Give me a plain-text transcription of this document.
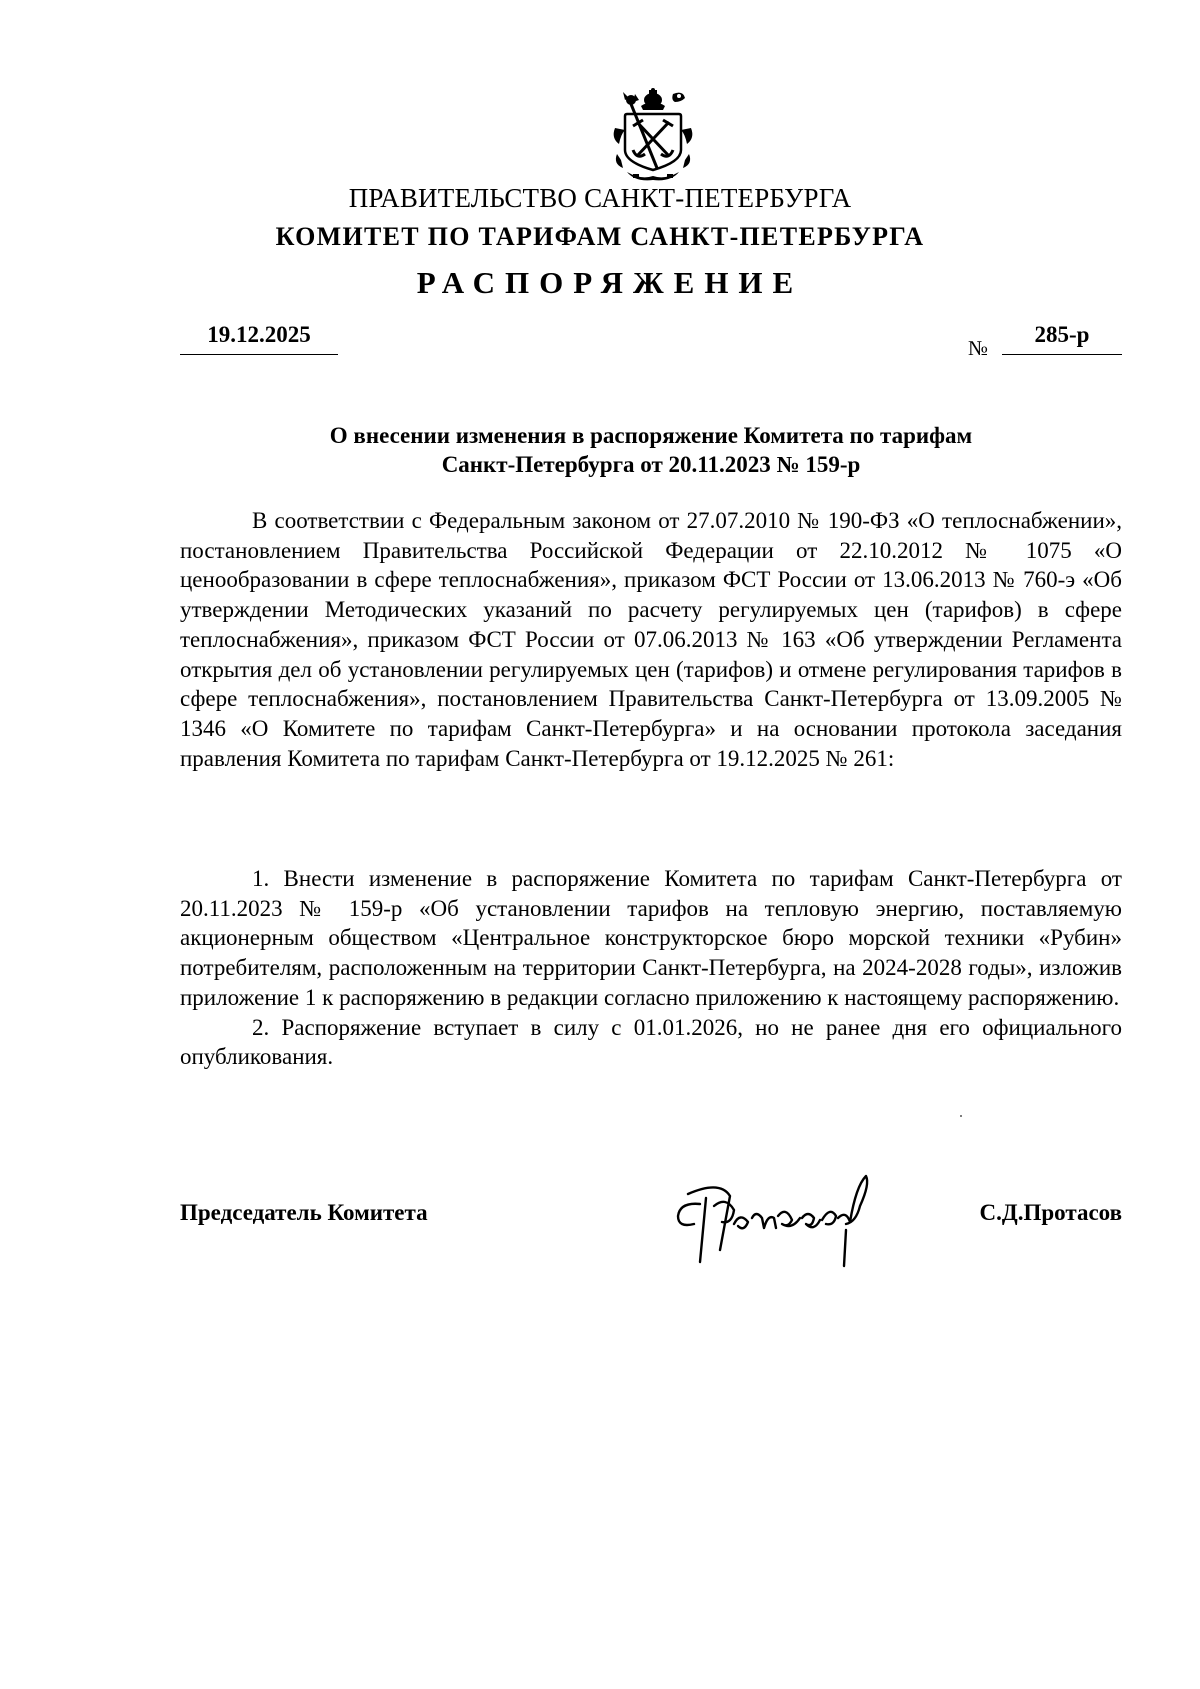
ПРАВИТЕЛЬСТВО САНКТ-ПЕТЕРБУРГА
КОМИТЕТ ПО ТАРИФАМ САНКТ-ПЕТЕРБУРГА
РАСПОРЯЖЕНИЕ
19.12.2025
№
285-р
О внесении изменения в распоряжение Комитета по тарифам
Санкт-Петербурга от 20.11.2023 № 159-р

В соответствии с Федеральным законом от 27.07.2010 № 190-ФЗ «О теплоснабжении», постановлением Правительства Российской Федерации от 22.10.2012 № 1075 «О ценообразовании в сфере теплоснабжения», приказом ФСТ России от 13.06.2013 № 760-э «Об утверждении Методических указаний по расчету регулируемых цен (тарифов) в сфере теплоснабжения», приказом ФСТ России от 07.06.2013 № 163 «Об утверждении Регламента открытия дел об установлении регулируемых цен (тарифов) и отмене регулирования тарифов в сфере теплоснабжения», постановлением Правительства Санкт-Петербурга от 13.09.2005 № 1346 «О Комитете по тарифам Санкт-Петербурга» и на основании протокола заседания правления Комитета по тарифам Санкт-Петербурга от 19.12.2025 № 261:

1. Внести изменение в распоряжение Комитета по тарифам Санкт-Петербурга от 20.11.2023 № 159-р «Об установлении тарифов на тепловую энергию, поставляемую акционерным обществом «Центральное конструкторское бюро морской техники «Рубин» потребителям, расположенным на территории Санкт-Петербурга, на 2024-2028 годы», изложив приложение 1 к распоряжению в редакции согласно приложению к настоящему распоряжению.

2. Распоряжение вступает в силу с 01.01.2026, но не ранее дня его официального опубликования.

Председатель Комитета	С.Д.Протасов
